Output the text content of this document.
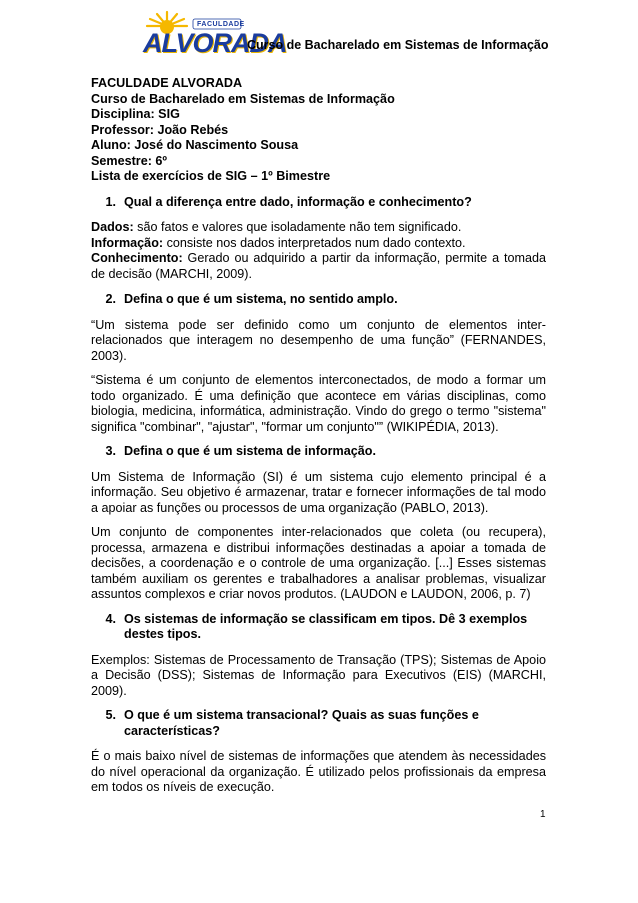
FACULDADE
ALVORADA
Curso de Bacharelado em Sistemas de Informação
FACULDADE ALVORADA
Curso de Bacharelado em Sistemas de Informação
Disciplina: SIG
Professor: João Rebés
Aluno: José do Nascimento Sousa
Semestre: 6º
Lista de exercícios de SIG – 1º Bimestre
1. Qual a diferença entre dado, informação e conhecimento?
Dados: são fatos e valores que isoladamente não tem significado.
Informação: consiste nos dados interpretados num dado contexto.
Conhecimento: Gerado ou adquirido a partir da informação, permite a tomada de decisão (MARCHI, 2009).
2. Defina o que é um sistema, no sentido amplo.
“Um sistema pode ser definido como um conjunto de elementos inter-relacionados que interagem no desempenho de uma função” (FERNANDES, 2003).
“Sistema é um conjunto de elementos interconectados, de modo a formar um todo organizado. É uma definição que acontece em várias disciplinas, como biologia, medicina, informática, administração. Vindo do grego o termo "sistema" significa "combinar", "ajustar", "formar um conjunto"” (WIKIPÉDIA, 2013).
3. Defina o que é um sistema de informação.
Um Sistema de Informação (SI) é um sistema cujo elemento principal é a informação. Seu objetivo é armazenar, tratar e fornecer informações de tal modo a apoiar as funções ou processos de uma organização (PABLO, 2013).
Um conjunto de componentes inter-relacionados que coleta (ou recupera), processa, armazena e distribui informações destinadas a apoiar a tomada de decisões, a coordenação e o controle de uma organização. [...] Esses sistemas também auxiliam os gerentes e trabalhadores a analisar problemas, visualizar assuntos complexos e criar novos produtos. (LAUDON e LAUDON, 2006, p. 7)
4. Os sistemas de informação se classificam em tipos. Dê 3 exemplos destes tipos.
Exemplos: Sistemas de Processamento de Transação (TPS); Sistemas de Apoio a Decisão (DSS); Sistemas de Informação para Executivos (EIS) (MARCHI, 2009).
5. O que é um sistema transacional? Quais as suas funções e características?
É o mais baixo nível de sistemas de informações que atendem às necessidades do nível operacional da organização. É utilizado pelos profissionais da empresa em todos os níveis de execução.
1
